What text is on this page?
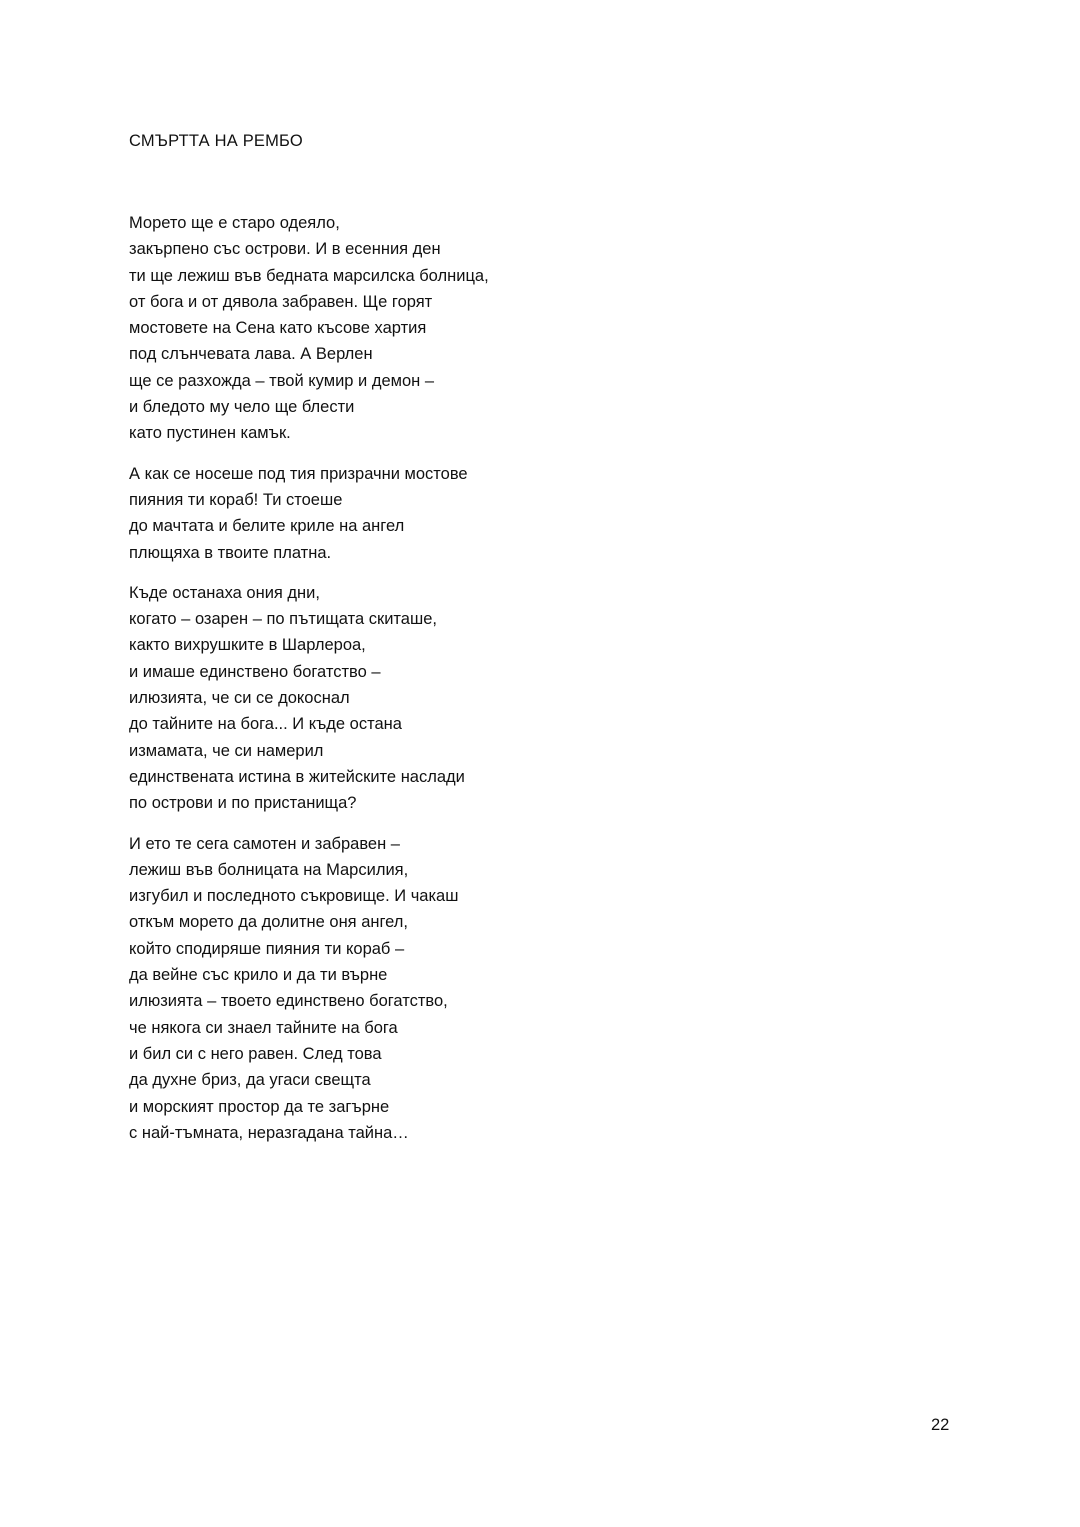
СМЪРТТА НА РЕМБО
Морето ще е старо одеяло,
закърпено със острови. И в есенния ден
ти ще лежиш във бедната марсилска болница,
от бога и от дявола забравен. Ще горят
мостовете на Сена като късове хартия
под слънчевата лава. А Верлен
ще се разхожда – твой кумир и демон –
и бледото му чело ще блести
като пустинен камък.
А как се носеше под тия призрачни мостове
пияния ти кораб! Ти стоеше
до мачтата и белите криле на ангел
плющяха в твоите платна.
Къде останаха ония дни,
когато – озарен – по пътищата скиташе,
както вихрушките в Шарлероа,
и имаше единствено богатство –
илюзията, че си се докоснал
до тайните на бога... И къде остана
измамата, че си намерил
единствената истина в житейските наслади
по острови и по пристанища?
И ето те сега самотен и забравен –
лежиш във болницата на Марсилия,
изгубил и последното съкровище. И чакаш
откъм морето да долитне оня ангел,
който сподиряше пияния ти кораб –
да вейне със крило и да ти върне
илюзията – твоето единствено богатство,
че някога си знаел тайните на бога
и бил си с него равен. След това
да духне бриз, да угаси свещта
и морският простор да те загърне
с най-тъмната, неразгадана тайна…
22
